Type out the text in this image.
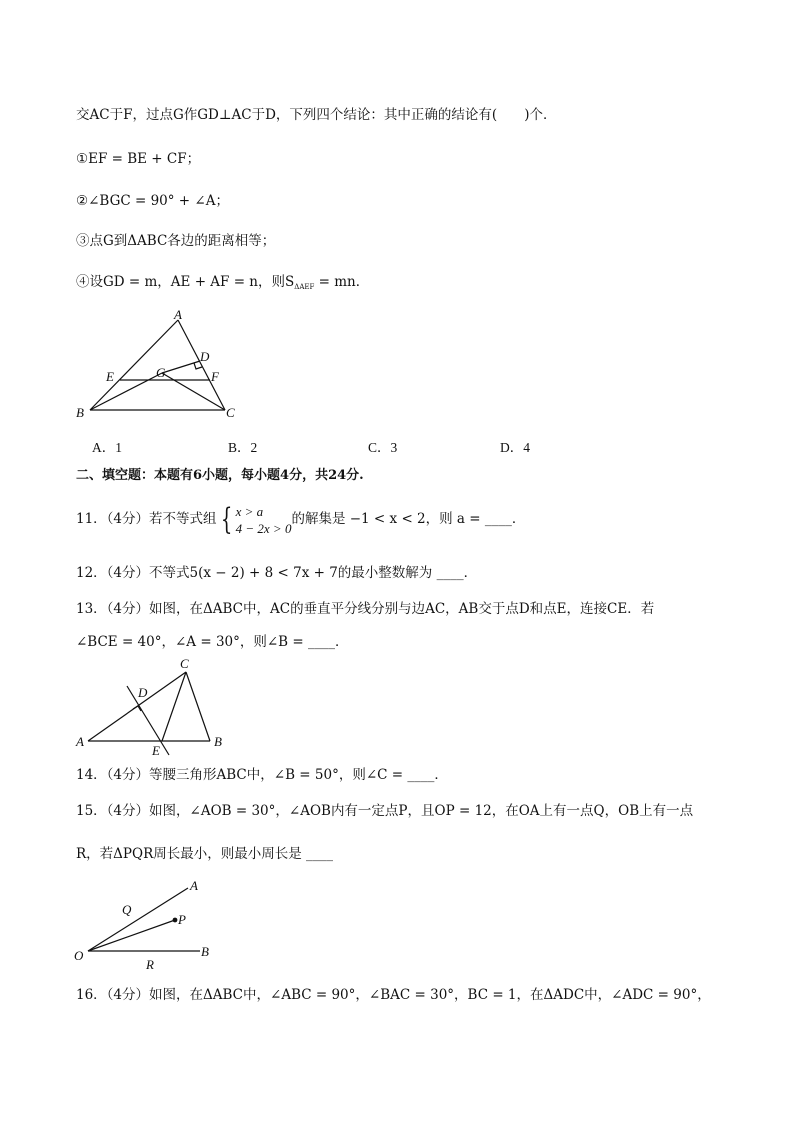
交AC于F，过点G作GD⊥AC于D，下列四个结论：其中正确的结论有(　　)个．
①EF = BE + CF；
②∠BGC = 90° + ∠A；
③点G到ΔABC各边的距离相等；
④设GD = m，AE + AF = n，则$S_{\Delta AEF}$ = mn．
A
D
E	G	F
B	C
A．1	B．2	C．3	D．4
二、填空题：本题有6小题，每小题4分，共24分.
11．（4分）若不等式组 { x > a
4 − 2x > 0的解集是 −1 < x < 2，则 a = ____．
12．（4分）不等式5(x − 2) + 8 < 7x + 7的最小整数解为 ____．
13．（4分）如图，在ΔABC中，AC的垂直平分线分别与边AC，AB交于点D和点E，连接CE．若
∠BCE = 40°，∠A = 30°，则∠B = ____．
C
D
A
E
B
14．（4分）等腰三角形ABC中，∠B = 50°，则∠C = ____．
15．（4分）如图，∠AOB = 30°，∠AOB内有一定点P，且OP = 12，在OA上有一点Q，OB上有一点
R，若ΔPQR周长最小，则最小周长是 ____
A
Q
P
O
R
B
16．（4分）如图，在ΔABC中，∠ABC = 90°，∠BAC = 30°，BC = 1，在ΔADC中，∠ADC = 90°，
